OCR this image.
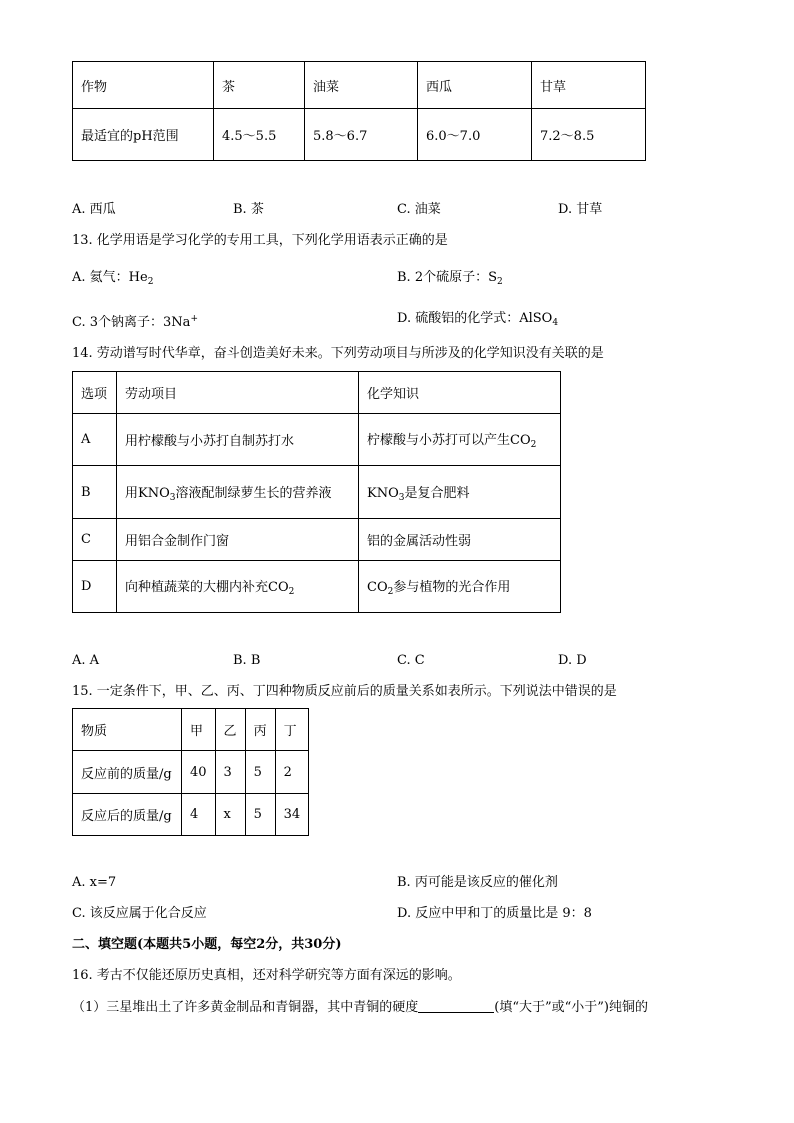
作物	茶	油菜	西瓜	甘草
最适宜的pH范围	4.5～5.5	5.8～6.7	6.0～7.0	7.2～8.5
A. 西瓜	B. 茶	C. 油菜	D. 甘草
13. 化学用语是学习化学的专用工具，下列化学用语表示正确的是
A. 氦气：$He_2$	B. 2个硫原子：$S_2$
C. 3个钠离子：3Na+	D. 硫酸铝的化学式：AlSO$_4$
14. 劳动谱写时代华章，奋斗创造美好未来。下列劳动项目与所涉及的化学知识没有关联的是
选项	劳动项目	化学知识
A	用柠檬酸与小苏打自制苏打水	柠檬酸与小苏打可以产生$CO_2$
B	用$KNO_3$溶液配制绿萝生长的营养液	$KNO_3$是复合肥料
C	用铝合金制作门窗	铝的金属活动性弱
D	向种植蔬菜的大棚内补充$CO_2$	$CO_2$参与植物的光合作用
A. A	B. B	C. C	D. D
15. 一定条件下，甲、乙、丙、丁四种物质反应前后的质量关系如表所示。下列说法中错误的是
物质	甲	乙	丙	丁
反应前的质量/g	40	3	5	2
反应后的质量/g	4	x	5	34
A. x=7	B. 丙可能是该反应的催化剂
C. 该反应属于化合反应	D. 反应中甲和丁的质量比是 9：8
二、填空题(本题共5小题，每空2分，共30分)
16. 考古不仅能还原历史真相，还对科学研究等方面有深远的影响。
（1）三星堆出土了许多黄金制品和青铜器，其中青铜的硬度	(填“大于”或“小于”)纯铜的
